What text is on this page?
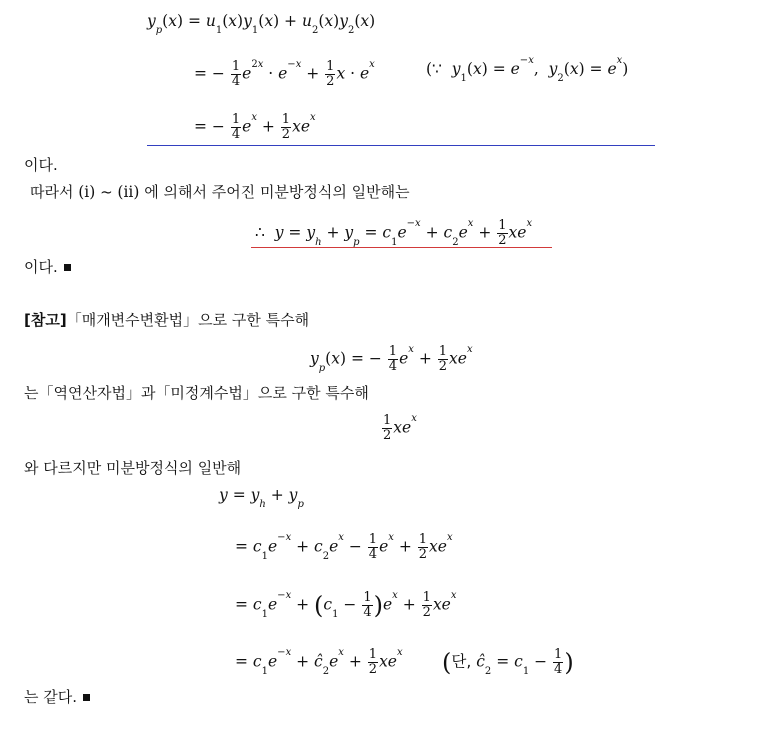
$y_p(x) = u_1(x)y_1(x) + u_2(x)y_2(x)$
= − $\frac{1}{4} e^{2x} \cdot e^{-x} + \frac{1}{2}$ $x \cdot e^x$	(∵  $y_1(x) = e^{-x}$,  $y_2(x) = e^x$)
= − $\frac{1}{4} e^x + \frac{1}{2} xe^x$
이다.
따라서 (i) ~ (ii) 에 의해서 주어진 미분방정식의 일반해는
∴  $y = y_h + y_p = c_1e^{-x} + c_2e^x + \frac{1}{2} xe^x$
이다.
[참고]「매개변수변환법」으로 구한 특수해
$y_p(x)$ = − $\frac{1}{4} e^x + \frac{1}{2} xe^x$
는「역연산자법」과「미정계수법」으로 구한 특수해
$\frac{1}{2} xe^x$
와 다르지만 미분방정식의 일반해
$y = y_h + y_p$
= $c_1e^{-x} + c_2e^x - \frac{1}{4} e^x + \frac{1}{2} xe^x$
= $c_1e^{-x} + (c_1 - \frac{1}{4} )e^x + \frac{1}{2} xe^x$
= $c_1e^{-x}$ + $ĉ_2e^x + \frac{1}{2} xe^x$ (단, $ĉ_2 = c_1 - \frac{1}{4}$ )
는 같다.
